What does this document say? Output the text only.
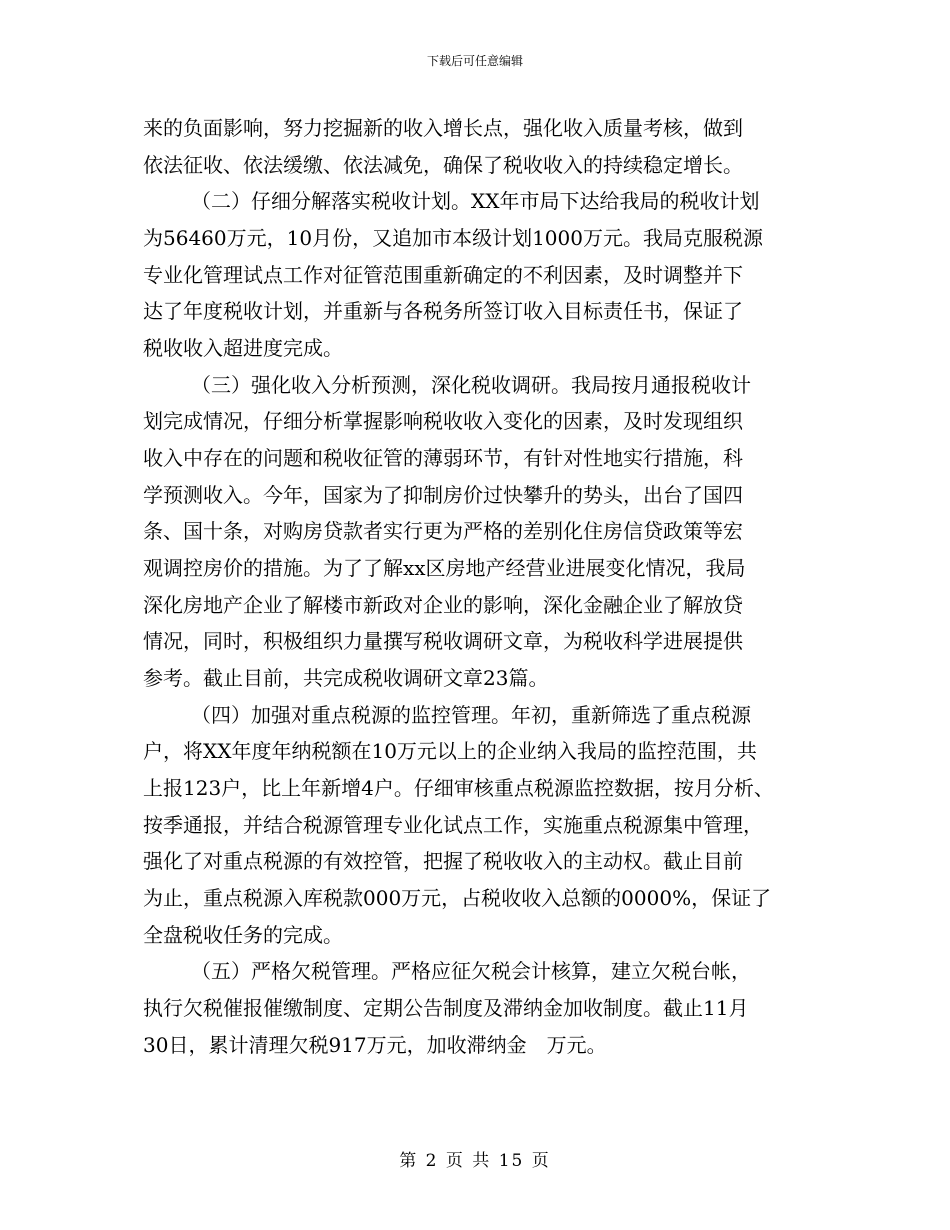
下载后可任意编辑
来的负面影响，努力挖掘新的收入增长点，强化收入质量考核，做到
依法征收、依法缓缴、依法减免，确保了税收收入的持续稳定增长。
（二）仔细分解落实税收计划。XX年市局下达给我局的税收计划
为56460万元，10月份，又追加市本级计划1000万元。我局克服税源
专业化管理试点工作对征管范围重新确定的不利因素，及时调整并下
达了年度税收计划，并重新与各税务所签订收入目标责任书，保证了
税收收入超进度完成。
（三）强化收入分析预测，深化税收调研。我局按月通报税收计
划完成情况，仔细分析掌握影响税收收入变化的因素，及时发现组织
收入中存在的问题和税收征管的薄弱环节，有针对性地实行措施，科
学预测收入。今年，国家为了抑制房价过快攀升的势头，出台了国四
条、国十条，对购房贷款者实行更为严格的差别化住房信贷政策等宏
观调控房价的措施。为了了解xx区房地产经营业进展变化情况，我局
深化房地产企业了解楼市新政对企业的影响，深化金融企业了解放贷
情况，同时，积极组织力量撰写税收调研文章，为税收科学进展提供
参考。截止目前，共完成税收调研文章23篇。
（四）加强对重点税源的监控管理。年初，重新筛选了重点税源
户，将XX年度年纳税额在10万元以上的企业纳入我局的监控范围，共
上报123户，比上年新增4户。仔细审核重点税源监控数据，按月分析、
按季通报，并结合税源管理专业化试点工作，实施重点税源集中管理，
强化了对重点税源的有效控管，把握了税收收入的主动权。截止目前
为止，重点税源入库税款000万元，占税收收入总额的0000%，保证了
全盘税收任务的完成。
（五）严格欠税管理。严格应征欠税会计核算，建立欠税台帐，
执行欠税催报催缴制度、定期公告制度及滞纳金加收制度。截止11月
30日，累计清理欠税917万元，加收滞纳金　万元。
第 2 页 共 15 页
